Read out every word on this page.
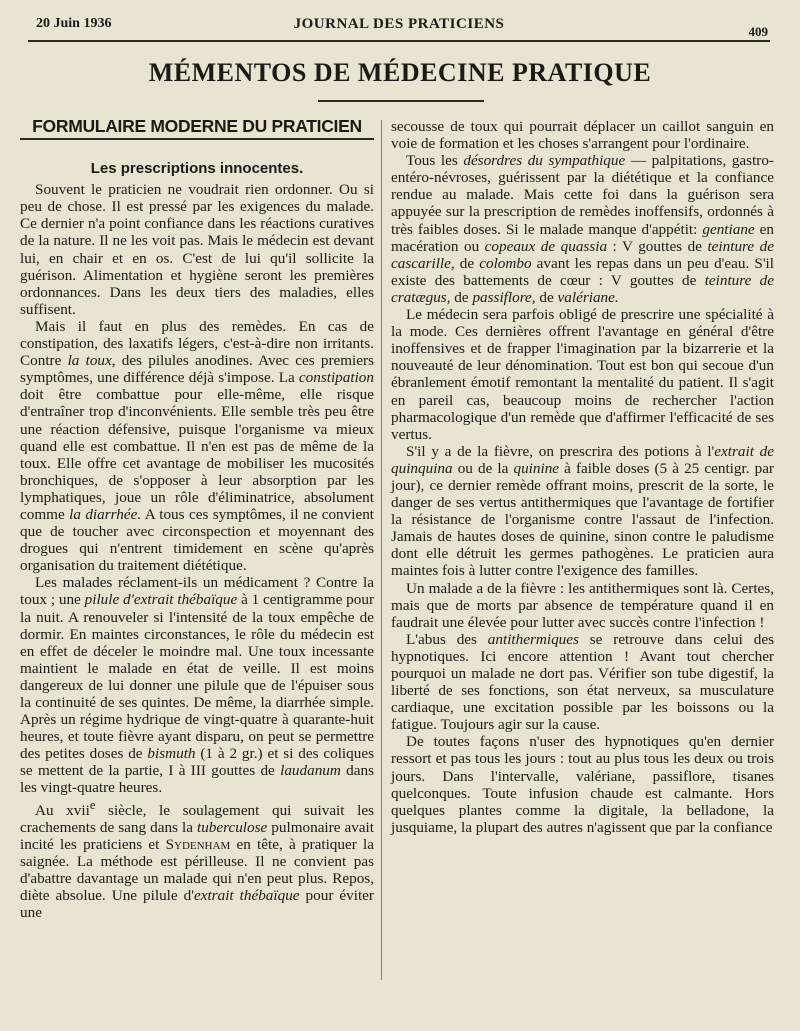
20 Juin 1936	JOURNAL DES PRATICIENS	409
MÉMENTOS DE MÉDECINE PRATIQUE
FORMULAIRE MODERNE DU PRATICIEN
Les prescriptions innocentes.

Souvent le praticien ne voudrait rien ordonner. Ou si peu de chose. Il est pressé par les exigences du malade. Ce dernier n'a point confiance dans les réactions curatives de la nature. Il ne les voit pas. Mais le médecin est devant lui, en chair et en os. C'est de lui qu'il sollicite la guérison. Alimentation et hygiène seront les premières ordonnances. Dans les deux tiers des maladies, elles suffisent.

Mais il faut en plus des remèdes. En cas de constipation, des laxatifs légers, c'est-à-dire non irritants. Contre la toux, des pilules anodines. Avec ces premiers symptômes, une différence déjà s'impose. La constipation doit être combattue pour elle-même, elle risque d'entraîner trop d'inconvénients. Elle semble très peu être une réaction défensive, puisque l'organisme va mieux quand elle est combattue. Il n'en est pas de même de la toux. Elle offre cet avantage de mobiliser les mucosités bronchiques, de s'opposer à leur absorption par les lymphatiques, joue un rôle d'éliminatrice, absolument comme la diarrhée. A tous ces symptômes, il ne convient que de toucher avec circonspection et moyennant des drogues qui n'entrent timidement en scène qu'après organisation du traitement diététique.

Les malades réclament-ils un médicament ? Contre la toux ; une pilule d'extrait thébaïque à 1 centigramme pour la nuit. A renouveler si l'intensité de la toux empêche de dormir. En maintes circonstances, le rôle du médecin est en effet de déceler le moindre mal. Une toux incessante maintient le malade en état de veille. Il est moins dangereux de lui donner une pilule que de l'épuiser sous la continuité de ses quintes. De même, la diarrhée simple. Après un régime hydrique de vingt-quatre à quarante-huit heures, et toute fièvre ayant disparu, on peut se permettre des petites doses de bismuth (1 à 2 gr.) et si des coliques se mettent de la partie, I à III gouttes de laudanum dans les vingt-quatre heures.

Au xvii$^e$ siècle, le soulagement qui suivait les crachements de sang dans la tuberculose pulmonaire avait incité les praticiens et Sydenham en tête, à pratiquer la saignée. La méthode est périlleuse. Il ne convient pas d'abattre davantage un malade qui n'en peut plus. Repos, diète absolue. Une pilule d'extrait thébaïque pour éviter une

secousse de toux qui pourrait déplacer un caillot sanguin en voie de formation et les choses s'arrangent pour l'ordinaire.

Tous les désordres du sympathique — palpitations, gastro-entéro-névroses, guérissent par la diététique et la confiance rendue au malade. Mais cette foi dans la guérison sera appuyée sur la prescription de remèdes inoffensifs, ordonnés à très faibles doses. Si le malade manque d'appétit: gentiane en macération ou copeaux de quassia : V gouttes de teinture de cascarille, de colombo avant les repas dans un peu d'eau. S'il existe des battements de cœur : V gouttes de teinture de cratægus, de passiflore, de valériane.

Le médecin sera parfois obligé de prescrire une spécialité à la mode. Ces dernières offrent l'avantage en général d'être inoffensives et de frapper l'imagination par la bizarrerie et la nouveauté de leur dénomination. Tout est bon qui secoue d'un ébranlement émotif remontant la mentalité du patient. Il s'agit en pareil cas, beaucoup moins de rechercher l'action pharmacologique d'un remède que d'affirmer l'efficacité de ses vertus.

S'il y a de la fièvre, on prescrira des potions à l'extrait de quinquina ou de la quinine à faible doses (5 à 25 centigr. par jour), ce dernier remède offrant moins, prescrit de la sorte, le danger de ses vertus antithermiques que l'avantage de fortifier la résistance de l'organisme contre l'assaut de l'infection. Jamais de hautes doses de quinine, sinon contre le paludisme dont elle détruit les germes pathogènes. Le praticien aura maintes fois à lutter contre l'exigence des familles.

Un malade a de la fièvre : les antithermiques sont là. Certes, mais que de morts par absence de température quand il en faudrait une élevée pour lutter avec succès contre l'infection !

L'abus des antithermiques se retrouve dans celui des hypnotiques. Ici encore attention ! Avant tout chercher pourquoi un malade ne dort pas. Vérifier son tube digestif, la liberté de ses fonctions, son état nerveux, sa musculature cardiaque, une excitation possible par les boissons ou la fatigue. Toujours agir sur la cause.

De toutes façons n'user des hypnotiques qu'en dernier ressort et pas tous les jours : tout au plus tous les deux ou trois jours. Dans l'intervalle, valériane, passiflore, tisanes quelconques. Toute infusion chaude est calmante. Hors quelques plantes comme la digitale, la belladone, la jusquiame, la plupart des autres n'agissent que par la confiance
